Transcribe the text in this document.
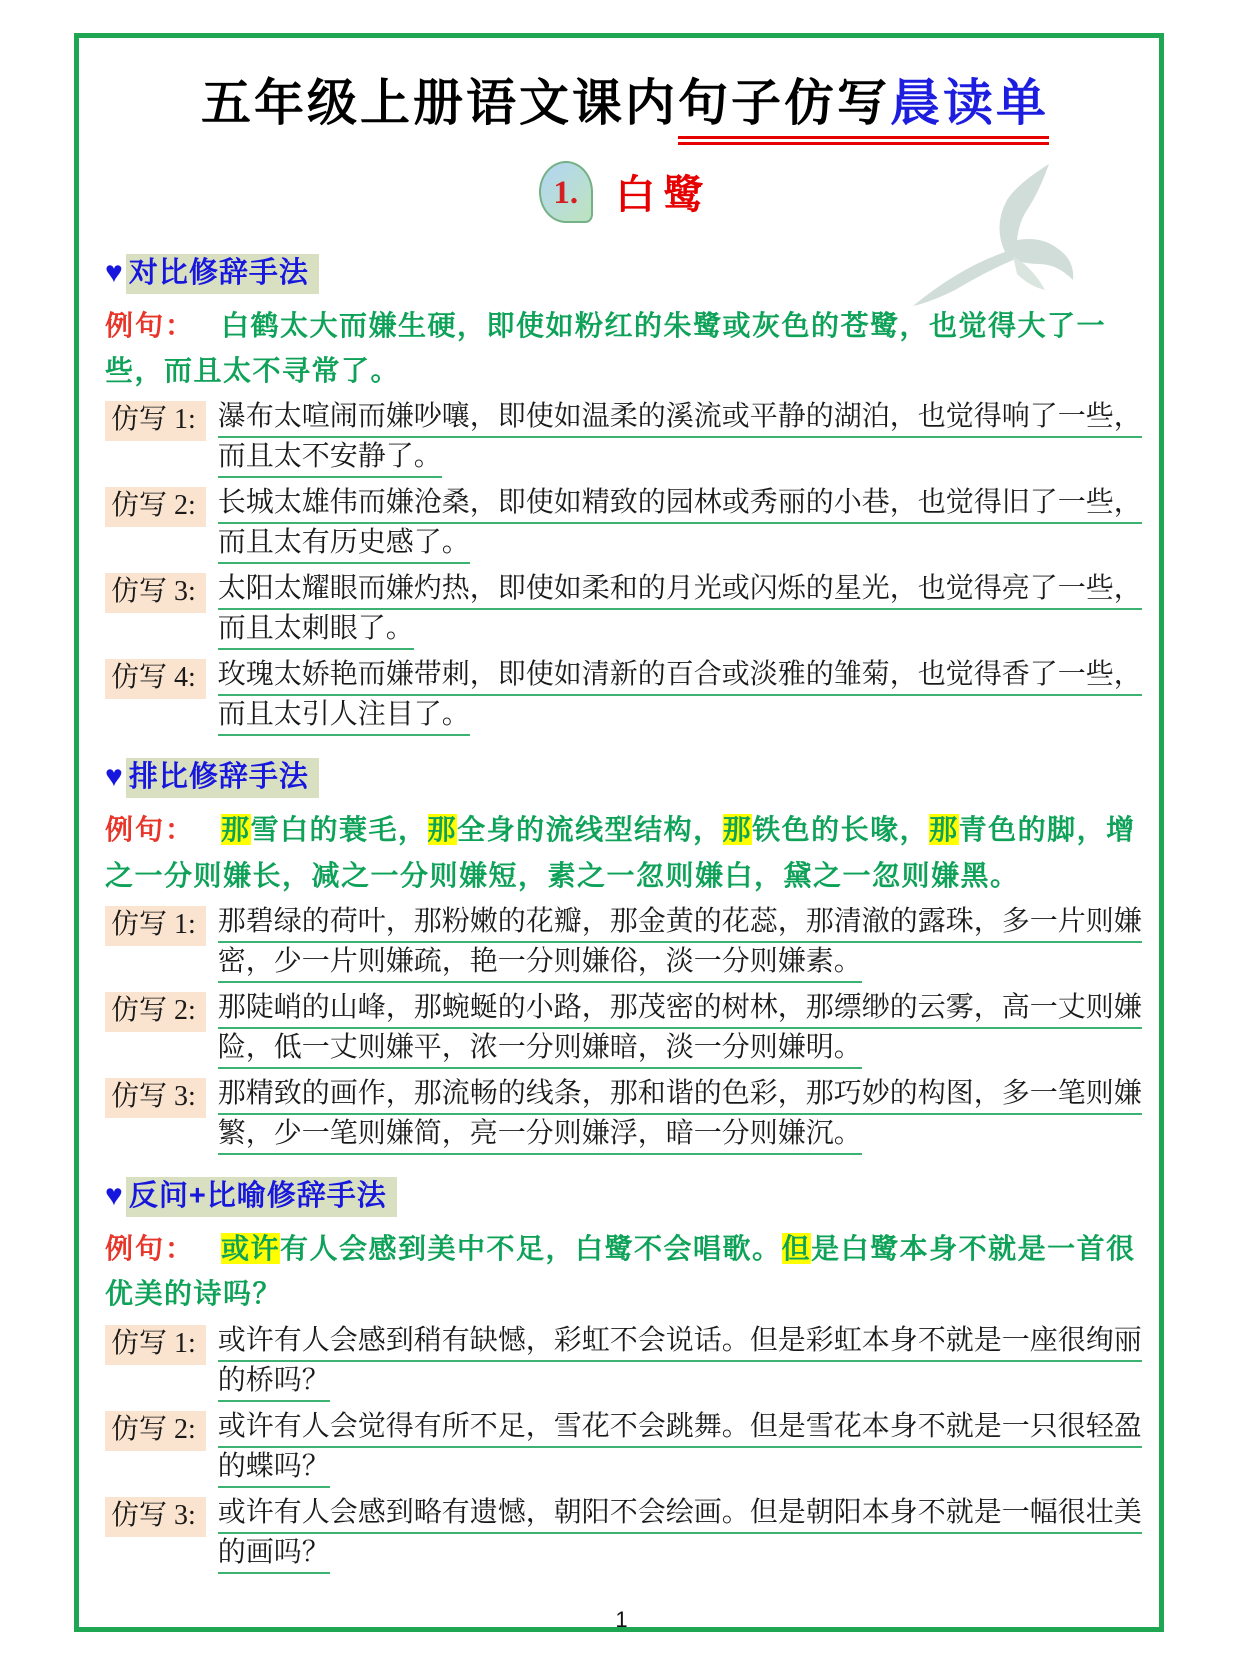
五年级上册语文课内句子仿写晨读单
1. 白鹭
♥ 对比修辞手法

例句： 白鹤太大而嫌生硬，即使如粉红的朱鹭或灰色的苍鹭，也觉得大了一些，而且太不寻常了。

仿写 1: 瀑布太喧闹而嫌吵嚷，即使如温柔的溪流或平静的湖泊，也觉得响了一些，
而且太不安静了。
仿写 2: 长城太雄伟而嫌沧桑，即使如精致的园林或秀丽的小巷，也觉得旧了一些，
而且太有历史感了。
仿写 3: 太阳太耀眼而嫌灼热，即使如柔和的月光或闪烁的星光，也觉得亮了一些，
而且太刺眼了。
仿写 4: 玫瑰太娇艳而嫌带刺，即使如清新的百合或淡雅的雏菊，也觉得香了一些，
而且太引人注目了。
♥ 排比修辞手法

例句： 那雪白的蓑毛，那全身的流线型结构，那铁色的长喙，那青色的脚，增之一分则嫌长，减之一分则嫌短，素之一忽则嫌白，黛之一忽则嫌黑。

仿写 1: 那碧绿的荷叶，那粉嫩的花瓣，那金黄的花蕊，那清澈的露珠，多一片则嫌
密，少一片则嫌疏，艳一分则嫌俗，淡一分则嫌素。
仿写 2: 那陡峭的山峰，那蜿蜒的小路，那茂密的树林，那缥缈的云雾，高一丈则嫌
险，低一丈则嫌平，浓一分则嫌暗，淡一分则嫌明。
仿写 3: 那精致的画作，那流畅的线条，那和谐的色彩，那巧妙的构图，多一笔则嫌
繁，少一笔则嫌简，亮一分则嫌浮，暗一分则嫌沉。
♥ 反问+比喻修辞手法

例句： 或许有人会感到美中不足，白鹭不会唱歌。但是白鹭本身不就是一首很优美的诗吗？

仿写 1: 或许有人会感到稍有缺憾，彩虹不会说话。但是彩虹本身不就是一座很绚丽
的桥吗？
仿写 2: 或许有人会觉得有所不足，雪花不会跳舞。但是雪花本身不就是一只很轻盈
的蝶吗？
仿写 3: 或许有人会感到略有遗憾，朝阳不会绘画。但是朝阳本身不就是一幅很壮美
的画吗？
1
